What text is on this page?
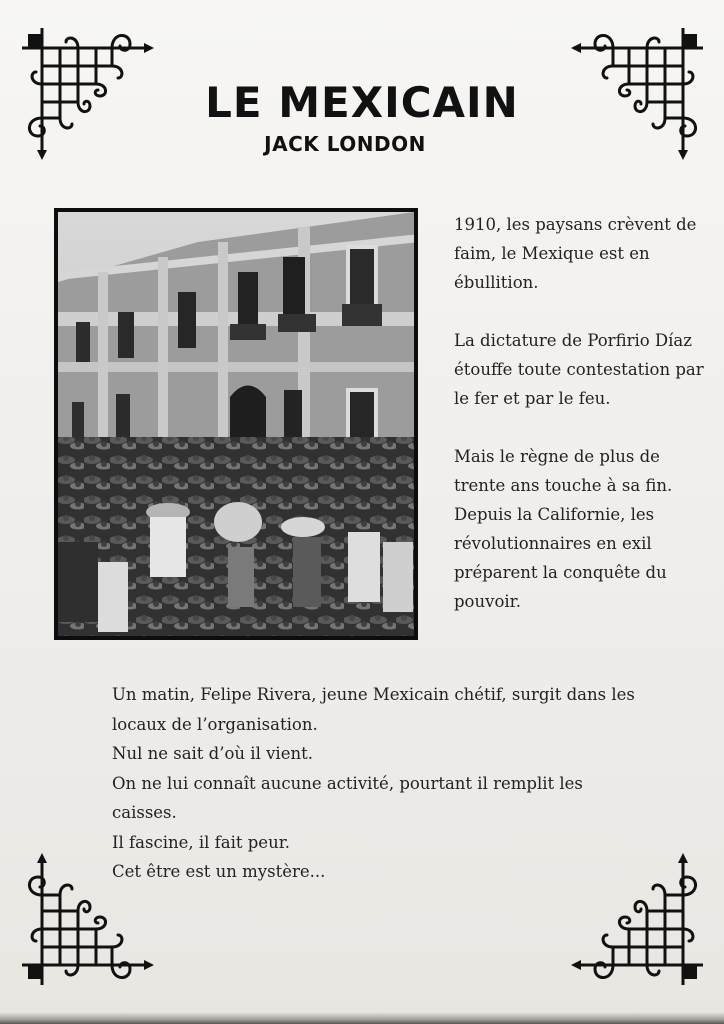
LE MEXICAIN
JACK LONDON

1910, les paysans crèvent de faim, le Mexique est en ébullition.

La dictature de Porfirio Díaz étouffe toute contestation par le fer et par le feu.

Mais le règne de plus de trente ans touche à sa fin. Depuis la Californie, les révolutionnaires en exil préparent la conquête du pouvoir.

Un matin, Felipe Rivera, jeune Mexicain chétif, surgit dans les locaux de l’organisation.

Nul ne sait d’où il vient.

On ne lui connaît aucune activité, pourtant il remplit les caisses.

Il fascine, il fait peur.

Cet être est un mystère...
